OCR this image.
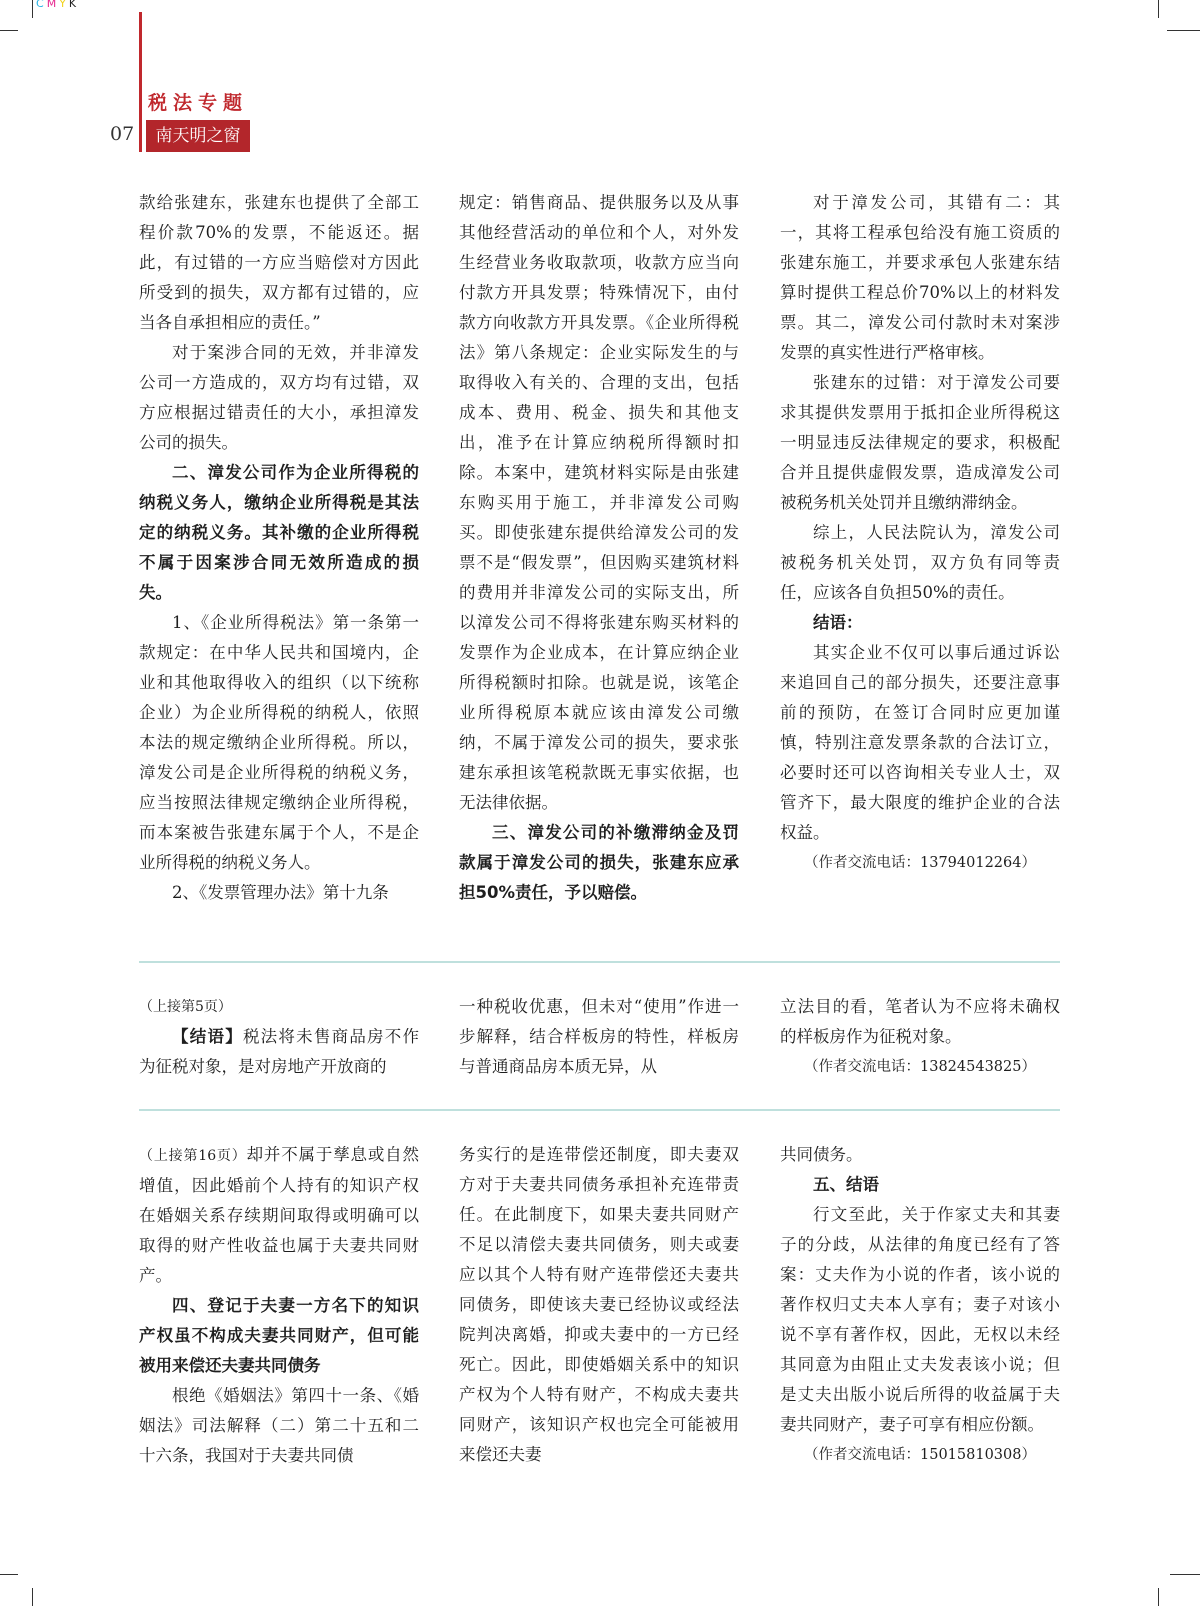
CMYK
税法专题
07	南天明之窗

款给张建东，张建东也提供了全部工程价款70%的发票，不能返还。据此，有过错的一方应当赔偿对方因此所受到的损失，双方都有过错的，应当各自承担相应的责任。”

对于案涉合同的无效，并非漳发公司一方造成的，双方均有过错，双方应根据过错责任的大小，承担漳发公司的损失。

二、漳发公司作为企业所得税的纳税义务人，缴纳企业所得税是其法定的纳税义务。其补缴的企业所得税不属于因案涉合同无效所造成的损失。

1、《企业所得税法》第一条第一款规定：在中华人民共和国境内，企业和其他取得收入的组织（以下统称企业）为企业所得税的纳税人，依照本法的规定缴纳企业所得税。所以，漳发公司是企业所得税的纳税义务，应当按照法律规定缴纳企业所得税，而本案被告张建东属于个人，不是企业所得税的纳税义务人。

2、《发票管理办法》第十九条

规定：销售商品、提供服务以及从事其他经营活动的单位和个人，对外发生经营业务收取款项，收款方应当向付款方开具发票；特殊情况下，由付款方向收款方开具发票。《企业所得税法》第八条规定：企业实际发生的与取得收入有关的、合理的支出，包括成本、费用、税金、损失和其他支出，准予在计算应纳税所得额时扣除。本案中，建筑材料实际是由张建东购买用于施工，并非漳发公司购买。即使张建东提供给漳发公司的发票不是“假发票”，但因购买建筑材料的费用并非漳发公司的实际支出，所以漳发公司不得将张建东购买材料的发票作为企业成本，在计算应纳企业所得税额时扣除。也就是说，该笔企业所得税原本就应该由漳发公司缴纳，不属于漳发公司的损失，要求张建东承担该笔税款既无事实依据，也无法律依据。

三、漳发公司的补缴滞纳金及罚款属于漳发公司的损失，张建东应承担50%责任，予以赔偿。

对于漳发公司，其错有二：其一，其将工程承包给没有施工资质的张建东施工，并要求承包人张建东结算时提供工程总价70%以上的材料发票。其二，漳发公司付款时未对案涉发票的真实性进行严格审核。

张建东的过错：对于漳发公司要求其提供发票用于抵扣企业所得税这一明显违反法律规定的要求，积极配合并且提供虚假发票，造成漳发公司被税务机关处罚并且缴纳滞纳金。

综上，人民法院认为，漳发公司被税务机关处罚，双方负有同等责任，应该各自负担50%的责任。

结语：

其实企业不仅可以事后通过诉讼来追回自己的部分损失，还要注意事前的预防，在签订合同时应更加谨慎，特别注意发票条款的合法订立，必要时还可以咨询相关专业人士，双管齐下，最大限度的维护企业的合法权益。

（作者交流电话：13794012264）

（上接第5页）

【结语】税法将未售商品房不作为征税对象，是对房地产开放商的

一种税收优惠，但未对“使用”作进一步解释，结合样板房的特性，样板房与普通商品房本质无异，从

立法目的看，笔者认为不应将未确权的样板房作为征税对象。

（作者交流电话：13824543825）

（上接第16页）却并不属于孳息或自然增值，因此婚前个人持有的知识产权在婚姻关系存续期间取得或明确可以取得的财产性收益也属于夫妻共同财产。

四、登记于夫妻一方名下的知识产权虽不构成夫妻共同财产，但可能被用来偿还夫妻共同债务

根绝《婚姻法》第四十一条、《婚姻法》司法解释（二）第二十五和二十六条，我国对于夫妻共同债

务实行的是连带偿还制度，即夫妻双方对于夫妻共同债务承担补充连带责任。在此制度下，如果夫妻共同财产不足以清偿夫妻共同债务，则夫或妻应以其个人特有财产连带偿还夫妻共同债务，即使该夫妻已经协议或经法院判决离婚，抑或夫妻中的一方已经死亡。因此，即使婚姻关系中的知识产权为个人特有财产，不构成夫妻共同财产，该知识产权也完全可能被用来偿还夫妻

共同债务。

五、结语

行文至此，关于作家丈夫和其妻子的分歧，从法律的角度已经有了答案：丈夫作为小说的作者，该小说的著作权归丈夫本人享有；妻子对该小说不享有著作权，因此，无权以未经其同意为由阻止丈夫发表该小说；但是丈夫出版小说后所得的收益属于夫妻共同财产，妻子可享有相应份额。

（作者交流电话：15015810308）
